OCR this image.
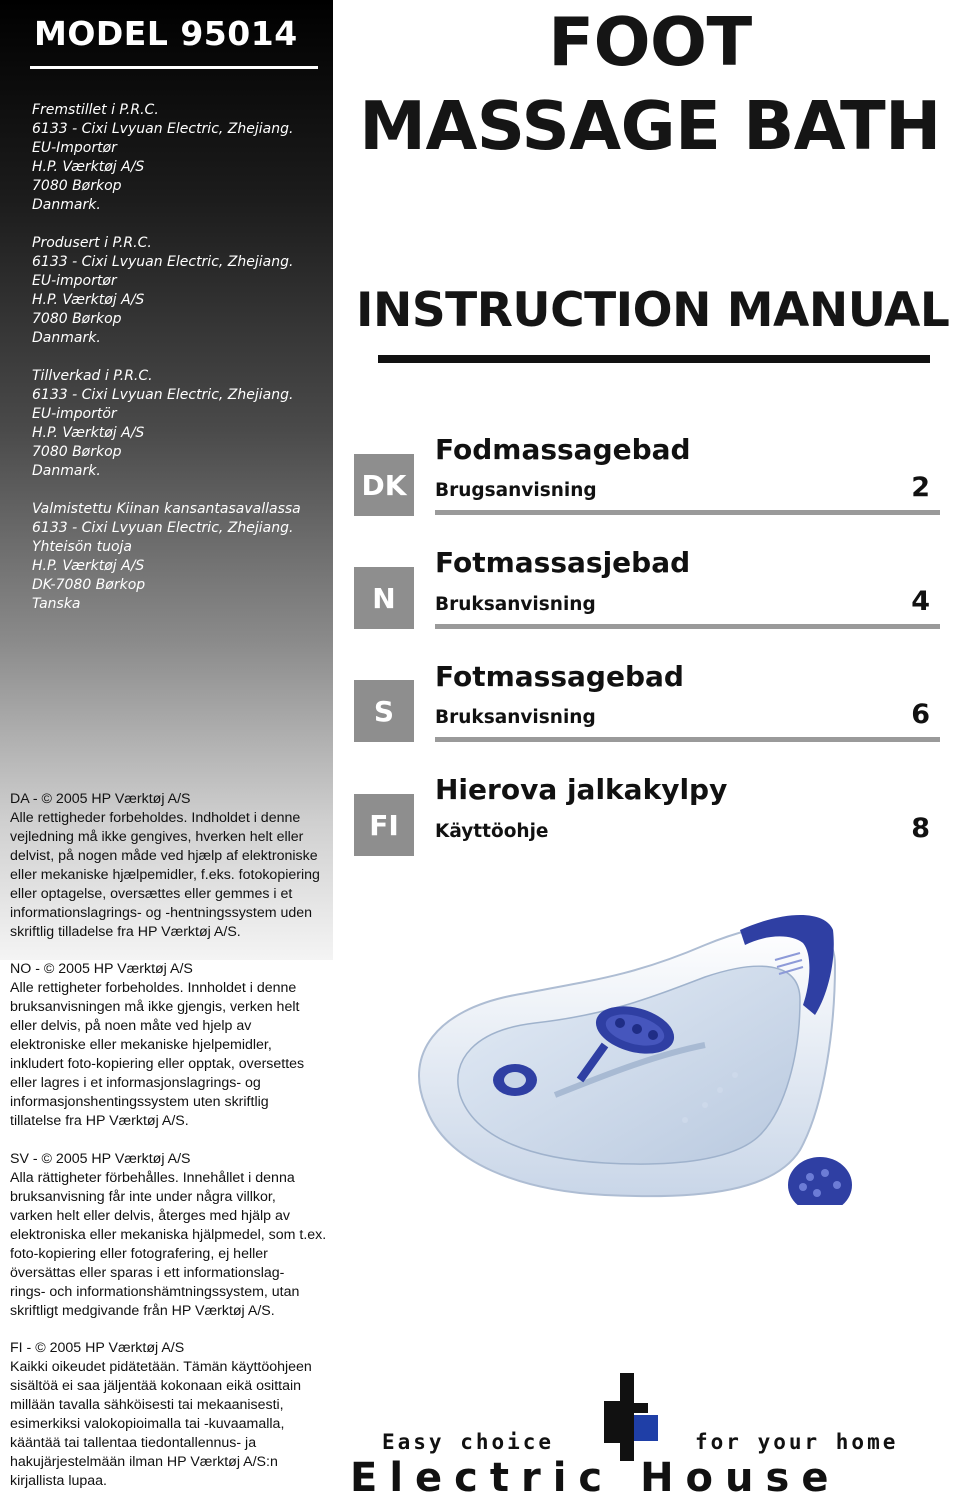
MODEL 95014
Fremstillet i P.R.C.
6133 - Cixi Lvyuan Electric, Zhejiang.
EU-Importør
H.P. Værktøj A/S
7080 Børkop
Danmark.
Produsert i P.R.C.
6133 - Cixi Lvyuan Electric, Zhejiang.
EU-importør
H.P. Værktøj A/S
7080 Børkop
Danmark.
Tillverkad i P.R.C.
6133 - Cixi Lvyuan Electric, Zhejiang.
EU-importör
H.P. Værktøj A/S
7080 Børkop
Danmark.
Valmistettu Kiinan kansantasavallassa
6133 - Cixi Lvyuan Electric, Zhejiang.
Yhteisön tuoja
H.P. Værktøj A/S
DK-7080 Børkop
Tanska
DA - © 2005 HP Værktøj A/S
Alle rettigheder forbeholdes. Indholdet i denne
vejledning må ikke gengives, hverken helt eller
delvist, på nogen måde ved hjælp af elektroniske
eller mekaniske hjælpemidler, f.eks. fotokopiering
eller optagelse, oversættes eller gemmes i et
informationslagrings- og -hentningssystem uden
skriftlig tilladelse fra HP Værktøj A/S.
NO - © 2005 HP Værktøj A/S
Alle rettigheter forbeholdes. Innholdet i denne
bruksanvisningen må ikke gjengis, verken helt
eller delvis, på noen måte ved hjelp av
elektroniske eller mekaniske hjelpemidler,
inkludert foto-kopiering eller opptak, oversettes
eller lagres i et informasjonslagrings- og
informasjonshentingssystem uten skriftlig
tillatelse fra HP Værktøj A/S.
SV - © 2005 HP Værktøj A/S
Alla rättigheter förbehålles. Innehållet i denna
bruksanvisning får inte under några villkor,
varken helt eller delvis, återges med hjälp av
elektroniska eller mekaniska hjälpmedel, som t.ex.
foto-kopiering eller fotografering, ej heller
översättas eller sparas i ett informationslag-
rings- och informationshämtningssystem, utan
skriftligt medgivande från HP Værktøj A/S.
FI - © 2005 HP Værktøj A/S
Kaikki oikeudet pidätetään. Tämän käyttöohjeen
sisältöä ei saa jäljentää kokonaan eikä osittain
millään tavalla sähköisesti tai mekaanisesti,
esimerkiksi valokopioimalla tai -kuvaamalla,
kääntää tai tallentaa tiedontallennus- ja
hakujärjestelmään ilman HP Værktøj A/S:n
kirjallista lupaa.
FOOT
MASSAGE BATH
INSTRUCTION MANUAL
DK
Fodmassagebad
Brugsanvisning	2
N
Fotmassasjebad
Bruksanvisning	4
S
Fotmassagebad
Bruksanvisning	6
FI
Hierova jalkakylpy
Käyttöohje	8
Easy choice	for your home
Electric House
